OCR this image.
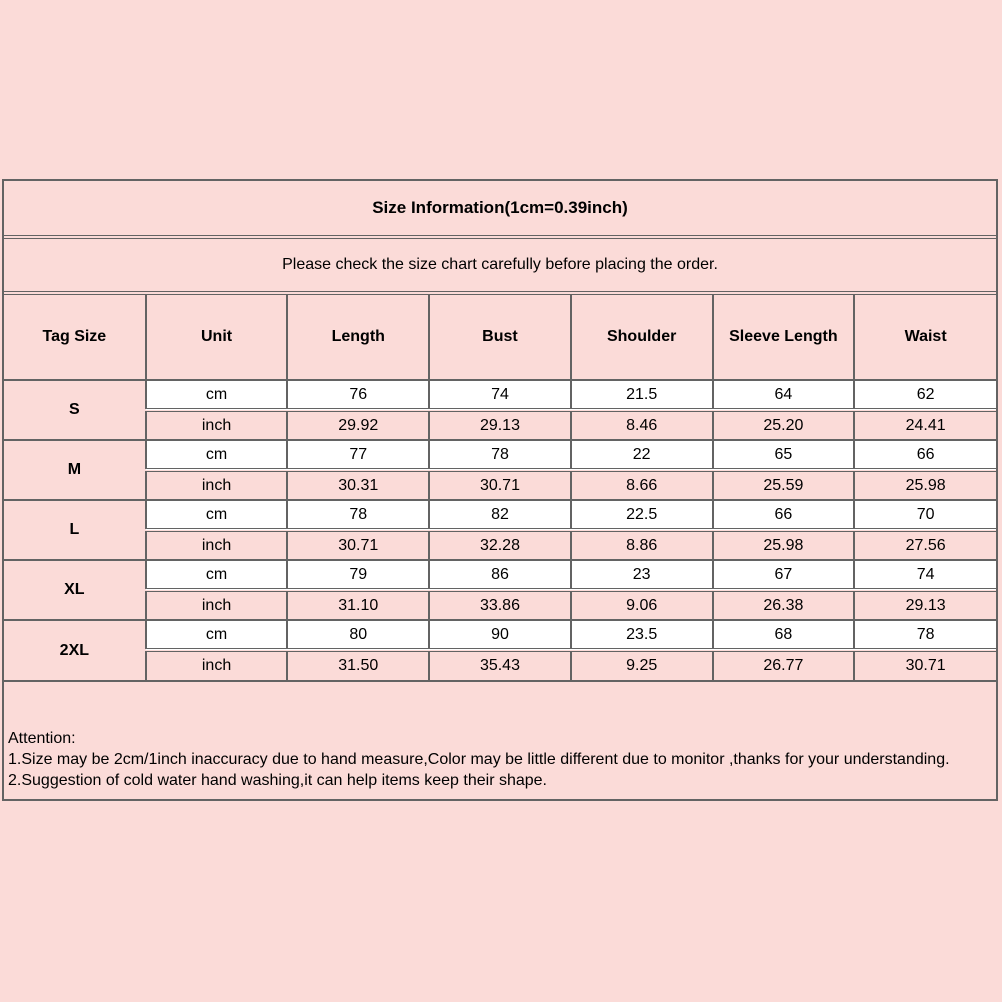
Size Information(1cm=0.39inch)
Please check the size chart carefully before placing the order.
Tag Size	Unit	Length	Bust	Shoulder	Sleeve Length	Waist
S	cm	76	74	21.5	64	62
	inch	29.92	29.13	8.46	25.20	24.41
M	cm	77	78	22	65	66
	inch	30.31	30.71	8.66	25.59	25.98
L	cm	78	82	22.5	66	70
	inch	30.71	32.28	8.86	25.98	27.56
XL	cm	79	86	23	67	74
	inch	31.10	33.86	9.06	26.38	29.13
2XL	cm	80	90	23.5	68	78
	inch	31.50	35.43	9.25	26.77	30.71

Attention:

1.Size may be 2cm/1inch inaccuracy due to hand measure,Color may be little different due to monitor ,thanks for your understanding.

2.Suggestion of cold water hand washing,it can help items keep their shape.
